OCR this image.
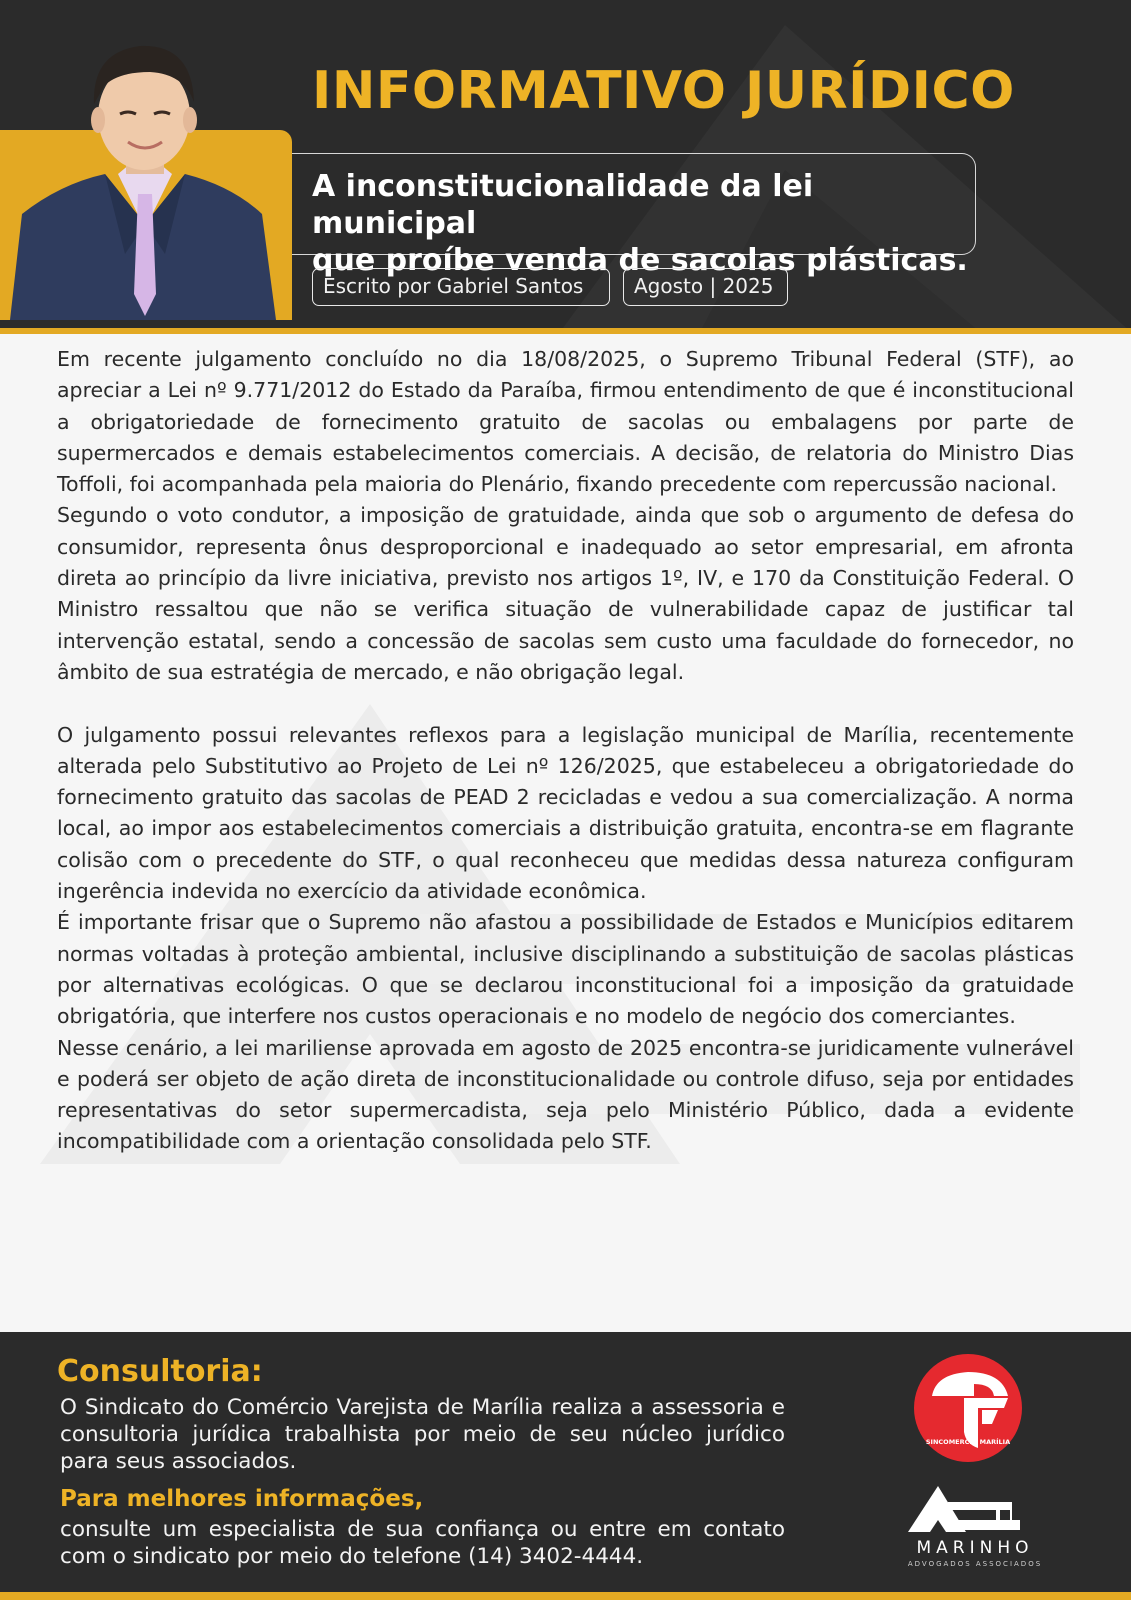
INFORMATIVO JURÍDICO
A inconstitucionalidade da lei municipal
que proíbe venda de sacolas plásticas.
Escrito por Gabriel Santos	Agosto | 2025

Em recente julgamento concluído no dia 18/08/2025, o Supremo Tribunal Federal (STF), ao apreciar a Lei nº 9.771/2012 do Estado da Paraíba, firmou entendimento de que é inconstitucional a obrigatoriedade de fornecimento gratuito de sacolas ou embalagens por parte de supermercados e demais estabelecimentos comerciais. A decisão, de relatoria do Ministro Dias Toffoli, foi acompanhada pela maioria do Plenário, fixando precedente com repercussão nacional.

Segundo o voto condutor, a imposição de gratuidade, ainda que sob o argumento de defesa do consumidor, representa ônus desproporcional e inadequado ao setor empresarial, em afronta direta ao princípio da livre iniciativa, previsto nos artigos 1º, IV, e 170 da Constituição Federal. O Ministro ressaltou que não se verifica situação de vulnerabilidade capaz de justificar tal intervenção estatal, sendo a concessão de sacolas sem custo uma faculdade do fornecedor, no âmbito de sua estratégia de mercado, e não obrigação legal.

O julgamento possui relevantes reflexos para a legislação municipal de Marília, recentemente alterada pelo Substitutivo ao Projeto de Lei nº 126/2025, que estabeleceu a obrigatoriedade do fornecimento gratuito das sacolas de PEAD 2 recicladas e vedou a sua comercialização. A norma local, ao impor aos estabelecimentos comerciais a distribuição gratuita, encontra-se em flagrante colisão com o precedente do STF, o qual reconheceu que medidas dessa natureza configuram ingerência indevida no exercício da atividade econômica.

É importante frisar que o Supremo não afastou a possibilidade de Estados e Municípios editarem normas voltadas à proteção ambiental, inclusive disciplinando a substituição de sacolas plásticas por alternativas ecológicas. O que se declarou inconstitucional foi a imposição da gratuidade obrigatória, que interfere nos custos operacionais e no modelo de negócio dos comerciantes.

Nesse cenário, a lei mariliense aprovada em agosto de 2025 encontra-se juridicamente vulnerável e poderá ser objeto de ação direta de inconstitucionalidade ou controle difuso, seja por entidades representativas do setor supermercadista, seja pelo Ministério Público, dada a evidente incompatibilidade com a orientação consolidada pelo STF.

Consultoria:

O Sindicato do Comércio Varejista de Marília realiza a assessoria e consultoria jurídica trabalhista por meio de seu núcleo jurídico para seus associados.

Para melhores informações,

consulte um especialista de sua confiança ou entre em contato com o sindicato por meio do telefone (14) 3402-4444.

SINCOMERCIO MARÍLIA
MARINHO
ADVOGADOS ASSOCIADOS
